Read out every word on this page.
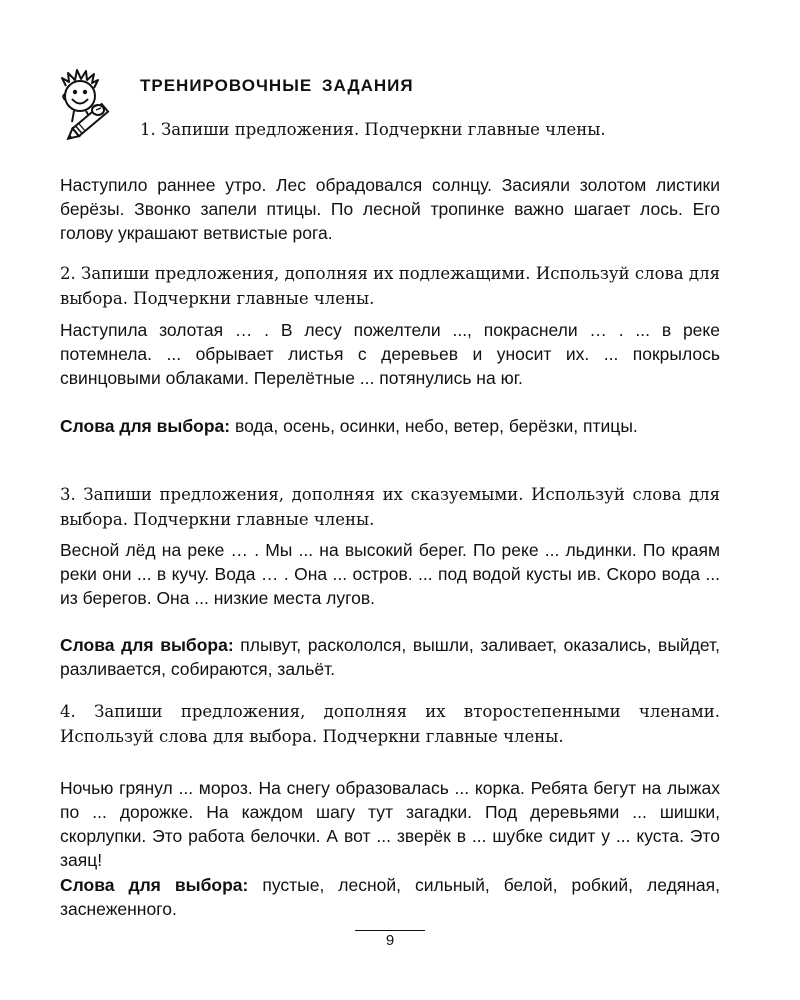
ТРЕНИРОВОЧНЫЕ ЗАДАНИЯ
1. Запиши предложения. Подчеркни главные члены.

Наступило раннее утро. Лес обрадовался солнцу. Засияли золотом листики берёзы. Звонко запели птицы. По лесной тропинке важно шагает лось. Его голову украшают ветвистые рога.

2. Запиши предложения, дополняя их подлежащими. Используй слова для выбора. Подчеркни главные члены.

Наступила золотая … . В лесу пожелтели ..., покраснели … . ... в реке потемнела. ... обрывает листья с деревьев и уносит их. ... покрылось свинцовыми облаками. Перелётные ... потянулись на юг.

Слова для выбора: вода, осень, осинки, небо, ветер, берёзки, птицы.

3. Запиши предложения, дополняя их сказуемыми. Используй слова для выбора. Подчеркни главные члены.

Весной лёд на реке … . Мы ... на высокий берег. По реке ... льдинки. По краям реки они ... в кучу. Вода … . Она ... остров. ... под водой кусты ив. Скоро вода ... из берегов. Она ... низкие места лугов.

Слова для выбора: плывут, раскололся, вышли, заливает, оказались, выйдет, разливается, собираются, зальёт.

4. Запиши предложения, дополняя их второстепенными членами. Используй слова для выбора. Подчеркни главные члены.

Ночью грянул ... мороз. На снегу образовалась ... корка. Ребята бегут на лыжах по ... дорожке. На каждом шагу тут загадки. Под деревьями ... шишки, скорлупки. Это работа белочки. А вот ... зверёк в ... шубке сидит у ... куста. Это заяц!

Слова для выбора: пустые, лесной, сильный, белой, робкий, ледяная, заснеженного.

9
